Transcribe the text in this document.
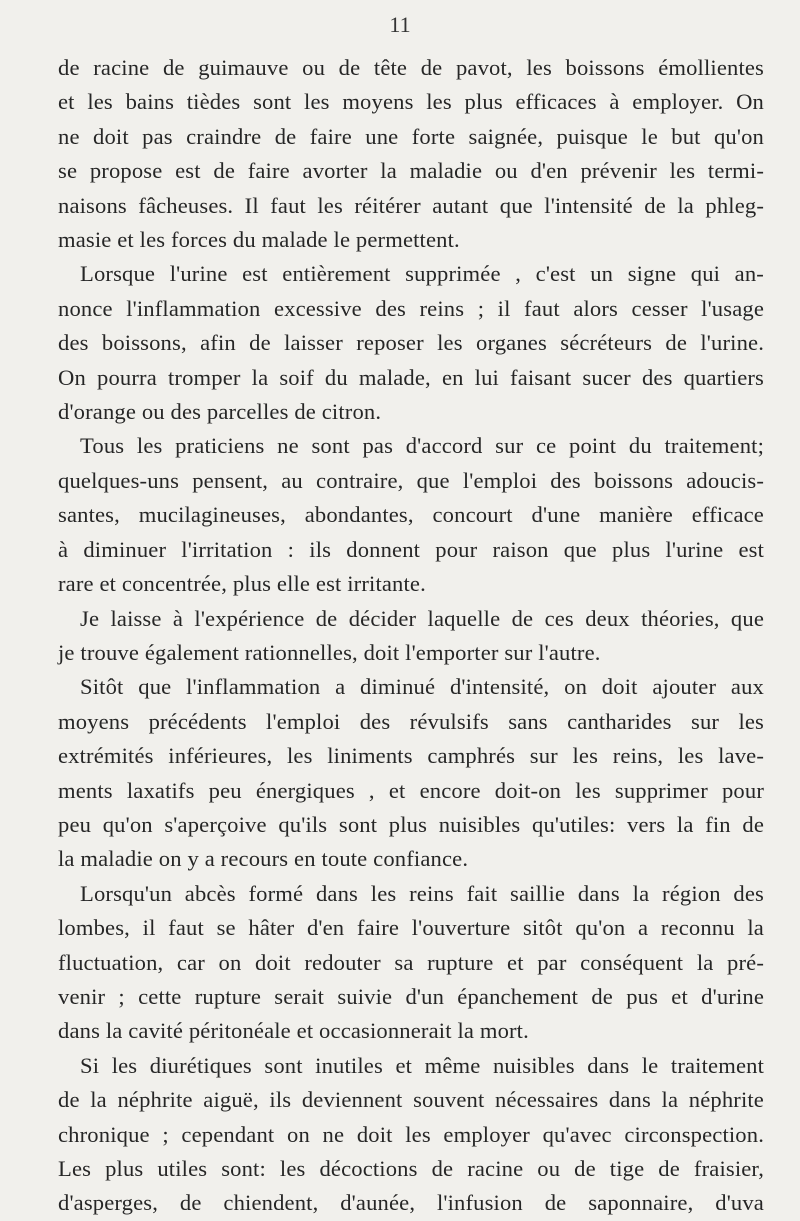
11
de racine de guimauve ou de tête de pavot, les boissons émollientes
et les bains tièdes sont les moyens les plus efficaces à employer. On
ne doit pas craindre de faire une forte saignée, puisque le but qu'on
se propose est de faire avorter la maladie ou d'en prévenir les termi-
naisons fâcheuses. Il faut les réitérer autant que l'intensité de la phleg-
masie et les forces du malade le permettent.
Lorsque l'urine est entièrement supprimée , c'est un signe qui an-
nonce l'inflammation excessive des reins ; il faut alors cesser l'usage
des boissons, afin de laisser reposer les organes sécréteurs de l'urine.
On pourra tromper la soif du malade, en lui faisant sucer des quartiers
d'orange ou des parcelles de citron.
Tous les praticiens ne sont pas d'accord sur ce point du traitement;
quelques-uns pensent, au contraire, que l'emploi des boissons adoucis-
santes, mucilagineuses, abondantes, concourt d'une manière efficace
à diminuer l'irritation : ils donnent pour raison que plus l'urine est
rare et concentrée, plus elle est irritante.
Je laisse à l'expérience de décider laquelle de ces deux théories, que
je trouve également rationnelles, doit l'emporter sur l'autre.
Sitôt que l'inflammation a diminué d'intensité, on doit ajouter aux
moyens précédents l'emploi des révulsifs sans cantharides sur les
extrémités inférieures, les liniments camphrés sur les reins, les lave-
ments laxatifs peu énergiques , et encore doit-on les supprimer pour
peu qu'on s'aperçoive qu'ils sont plus nuisibles qu'utiles: vers la fin de
la maladie on y a recours en toute confiance.
Lorsqu'un abcès formé dans les reins fait saillie dans la région des
lombes, il faut se hâter d'en faire l'ouverture sitôt qu'on a reconnu la
fluctuation, car on doit redouter sa rupture et par conséquent la pré-
venir ; cette rupture serait suivie d'un épanchement de pus et d'urine
dans la cavité péritonéale et occasionnerait la mort.
Si les diurétiques sont inutiles et même nuisibles dans le traitement
de la néphrite aiguë, ils deviennent souvent nécessaires dans la néphrite
chronique ; cependant on ne doit les employer qu'avec circonspection.
Les plus utiles sont: les décoctions de racine ou de tige de fraisier,
d'asperges, de chiendent, d'aunée, l'infusion de saponnaire, d'uva
